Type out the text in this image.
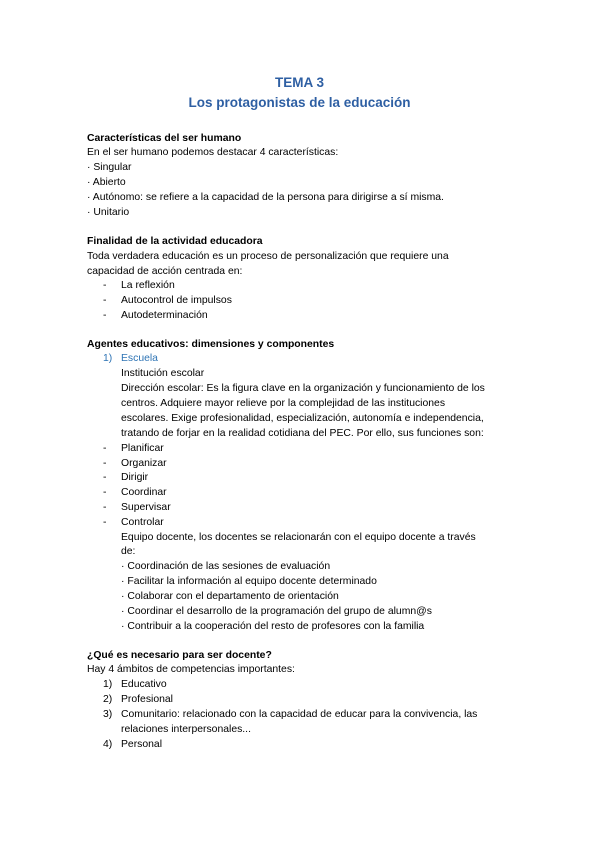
TEMA 3
Los protagonistas de la educación
Características del ser humano
En el ser humano podemos destacar 4 características:
· Singular
· Abierto
· Autónomo: se refiere a la capacidad de la persona para dirigirse a sí misma.
· Unitario
Finalidad de la actividad educadora
Toda verdadera educación es un proceso de personalización que requiere una
capacidad de acción centrada en:
- La reflexión
- Autocontrol de impulsos
- Autodeterminación
Agentes educativos: dimensiones y componentes
1) Escuela
Institución escolar
Dirección escolar: Es la figura clave en la organización y funcionamiento de los
centros. Adquiere mayor relieve por la complejidad de las instituciones
escolares. Exige profesionalidad, especialización, autonomía e independencia,
tratando de forjar en la realidad cotidiana del PEC. Por ello, sus funciones son:
- Planificar
- Organizar
- Dirigir
- Coordinar
- Supervisar
- Controlar
Equipo docente, los docentes se relacionarán con el equipo docente a través
de:
· Coordinación de las sesiones de evaluación
· Facilitar la información al equipo docente determinado
· Colaborar con el departamento de orientación
· Coordinar el desarrollo de la programación del grupo de alumn@s
· Contribuir a la cooperación del resto de profesores con la familia
¿Qué es necesario para ser docente?
Hay 4 ámbitos de competencias importantes:
1) Educativo
2) Profesional
3) Comunitario: relacionado con la capacidad de educar para la convivencia, las
relaciones interpersonales...
4) Personal
